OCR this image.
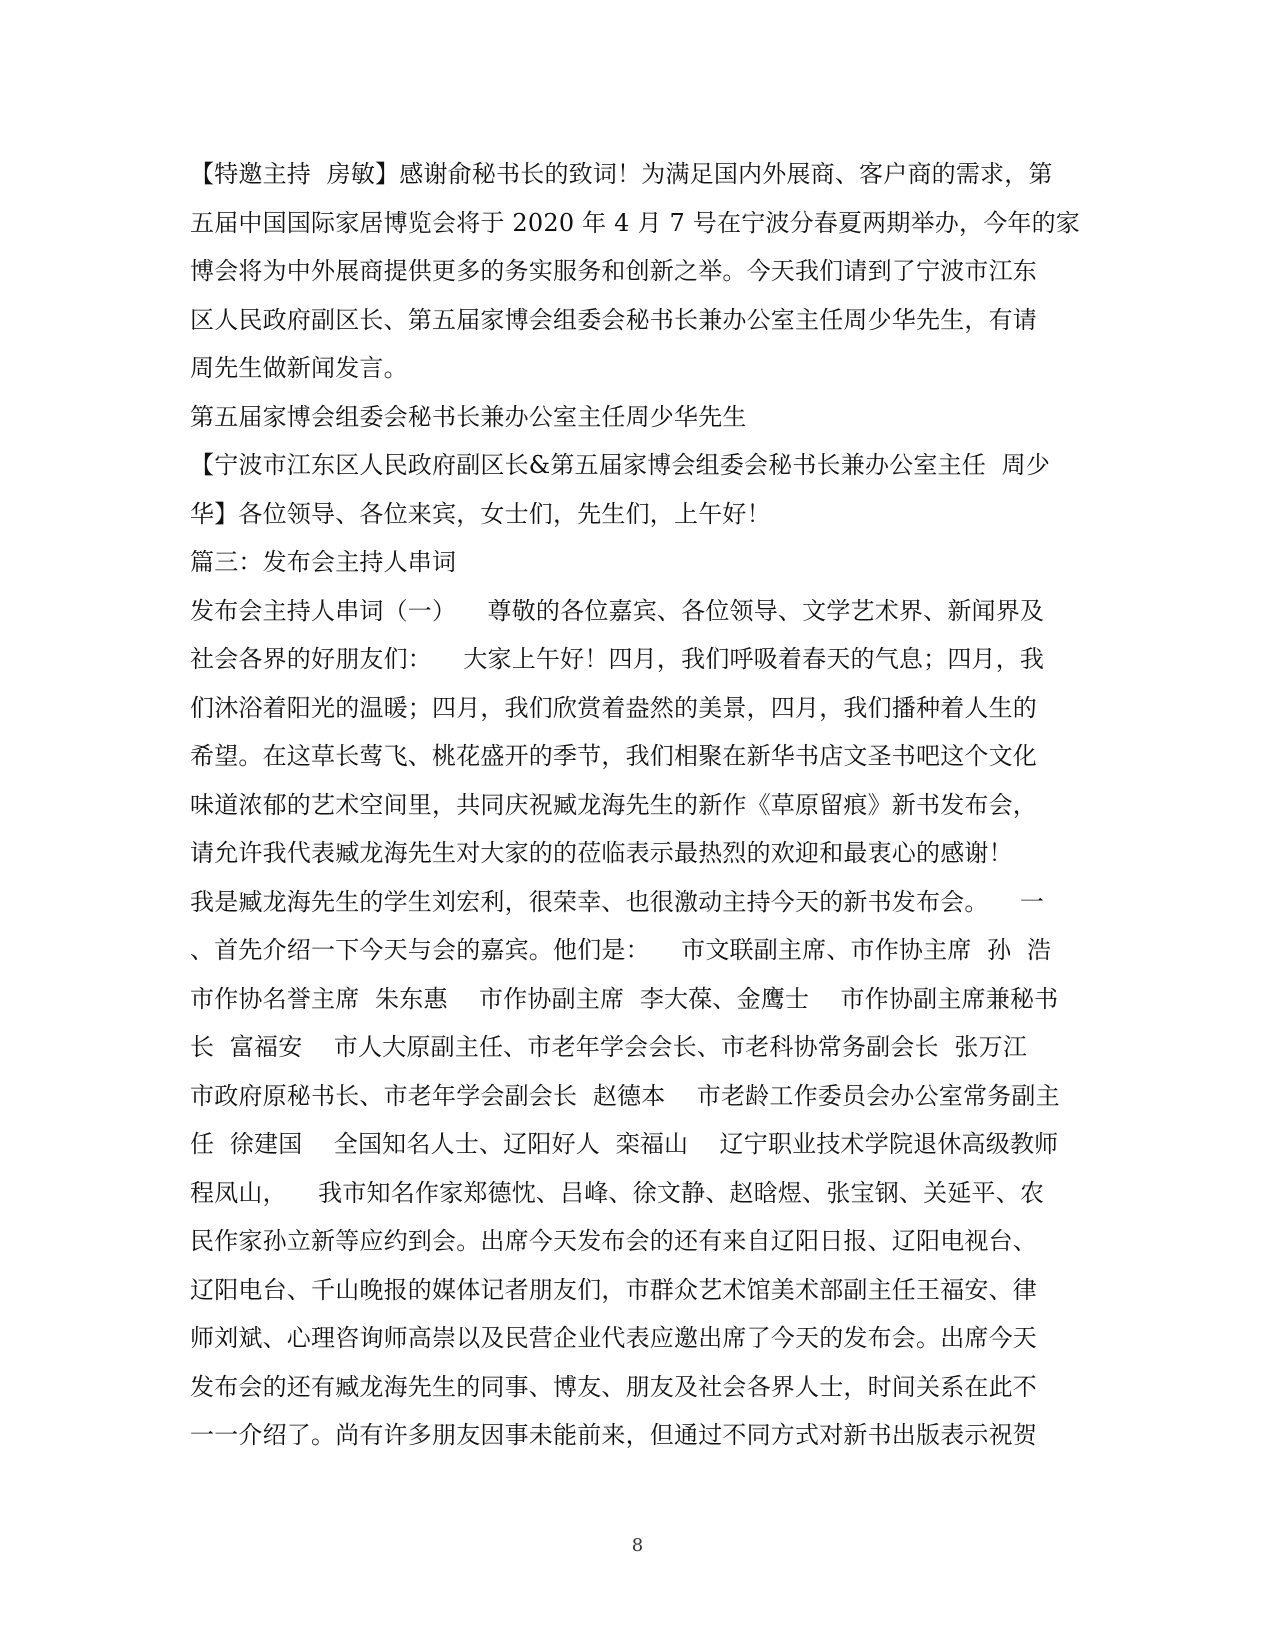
【特邀主持  房敏】感谢俞秘书长的致词！为满足国内外展商、客户商的需求，第
五届中国国际家居博览会将于 2020 年 4 月 7 号在宁波分春夏两期举办，今年的家
博会将为中外展商提供更多的务实服务和创新之举。今天我们请到了宁波市江东
区人民政府副区长、第五届家博会组委会秘书长兼办公室主任周少华先生，有请
周先生做新闻发言。
第五届家博会组委会秘书长兼办公室主任周少华先生
【宁波市江东区人民政府副区长&第五届家博会组委会秘书长兼办公室主任  周少
华】各位领导、各位来宾，女士们，先生们，上午好！
篇三：发布会主持人串词
发布会主持人串词（一）    尊敬的各位嘉宾、各位领导、文学艺术界、新闻界及
社会各界的好朋友们：    大家上午好！四月，我们呼吸着春天的气息；四月，我
们沐浴着阳光的温暖；四月，我们欣赏着盎然的美景，四月，我们播种着人生的
希望。在这草长莺飞、桃花盛开的季节，我们相聚在新华书店文圣书吧这个文化
味道浓郁的艺术空间里，共同庆祝臧龙海先生的新作《草原留痕》新书发布会，
请允许我代表臧龙海先生对大家的的莅临表示最热烈的欢迎和最衷心的感谢！
我是臧龙海先生的学生刘宏利，很荣幸、也很激动主持今天的新书发布会。    一
、首先介绍一下今天与会的嘉宾。他们是：    市文联副主席、市作协主席  孙  浩
市作协名誉主席  朱东惠    市作协副主席  李大葆、金鹰士    市作协副主席兼秘书
长  富福安    市人大原副主任、市老年学会会长、市老科协常务副会长  张万江
市政府原秘书长、市老年学会副会长  赵德本    市老龄工作委员会办公室常务副主
任  徐建国    全国知名人士、辽阳好人  栾福山    辽宁职业技术学院退休高级教师
程凤山，    我市知名作家郑德忱、吕峰、徐文静、赵晗煜、张宝钢、关延平、农
民作家孙立新等应约到会。出席今天发布会的还有来自辽阳日报、辽阳电视台、
辽阳电台、千山晚报的媒体记者朋友们，市群众艺术馆美术部副主任王福安、律
师刘斌、心理咨询师高崇以及民营企业代表应邀出席了今天的发布会。出席今天
发布会的还有臧龙海先生的同事、博友、朋友及社会各界人士，时间关系在此不
一一介绍了。尚有许多朋友因事未能前来，但通过不同方式对新书出版表示祝贺
8
